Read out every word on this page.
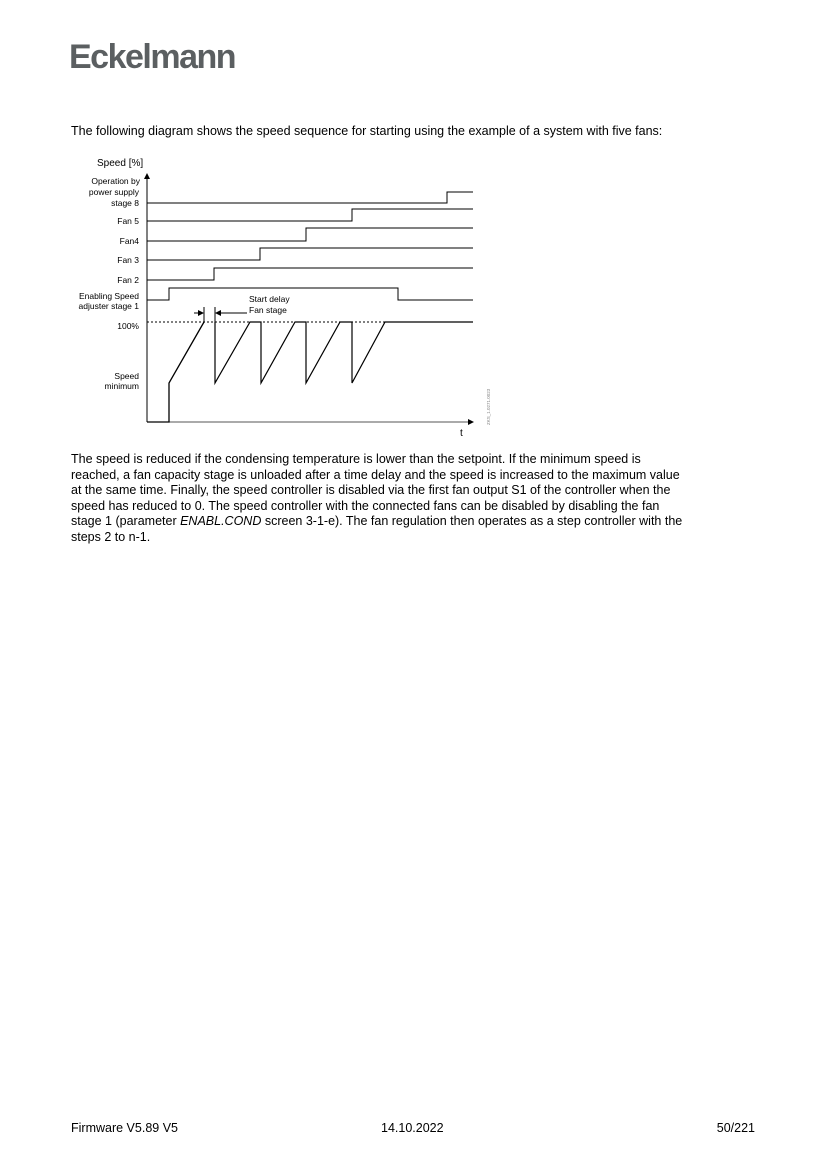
Eckelmann
The following diagram shows the speed sequence for starting using the example of a system with five fans:
Operation by
power supply
stage 8
Fan 5
Fan4
Fan 3
Fan 2
Enabling Speed
adjuster stage 1
100%
Speed
minimum
Speed [%]
t
Start delay
Fan stage
ZKS_1.0271.0023
The speed is reduced if the condensing temperature is lower than the setpoint. If the minimum speed is
reached, a fan capacity stage is unloaded after a time delay and the speed is increased to the maximum value
at the same time. Finally, the speed controller is disabled via the first fan output S1 of the controller when the
speed has reduced to 0. The speed controller with the connected fans can be disabled by disabling the fan
stage 1 (parameter ENABL.COND screen 3-1-e). The fan regulation then operates as a step controller with the
steps 2 to n-1.
Firmware V5.89 V5	14.10.2022	50/221
